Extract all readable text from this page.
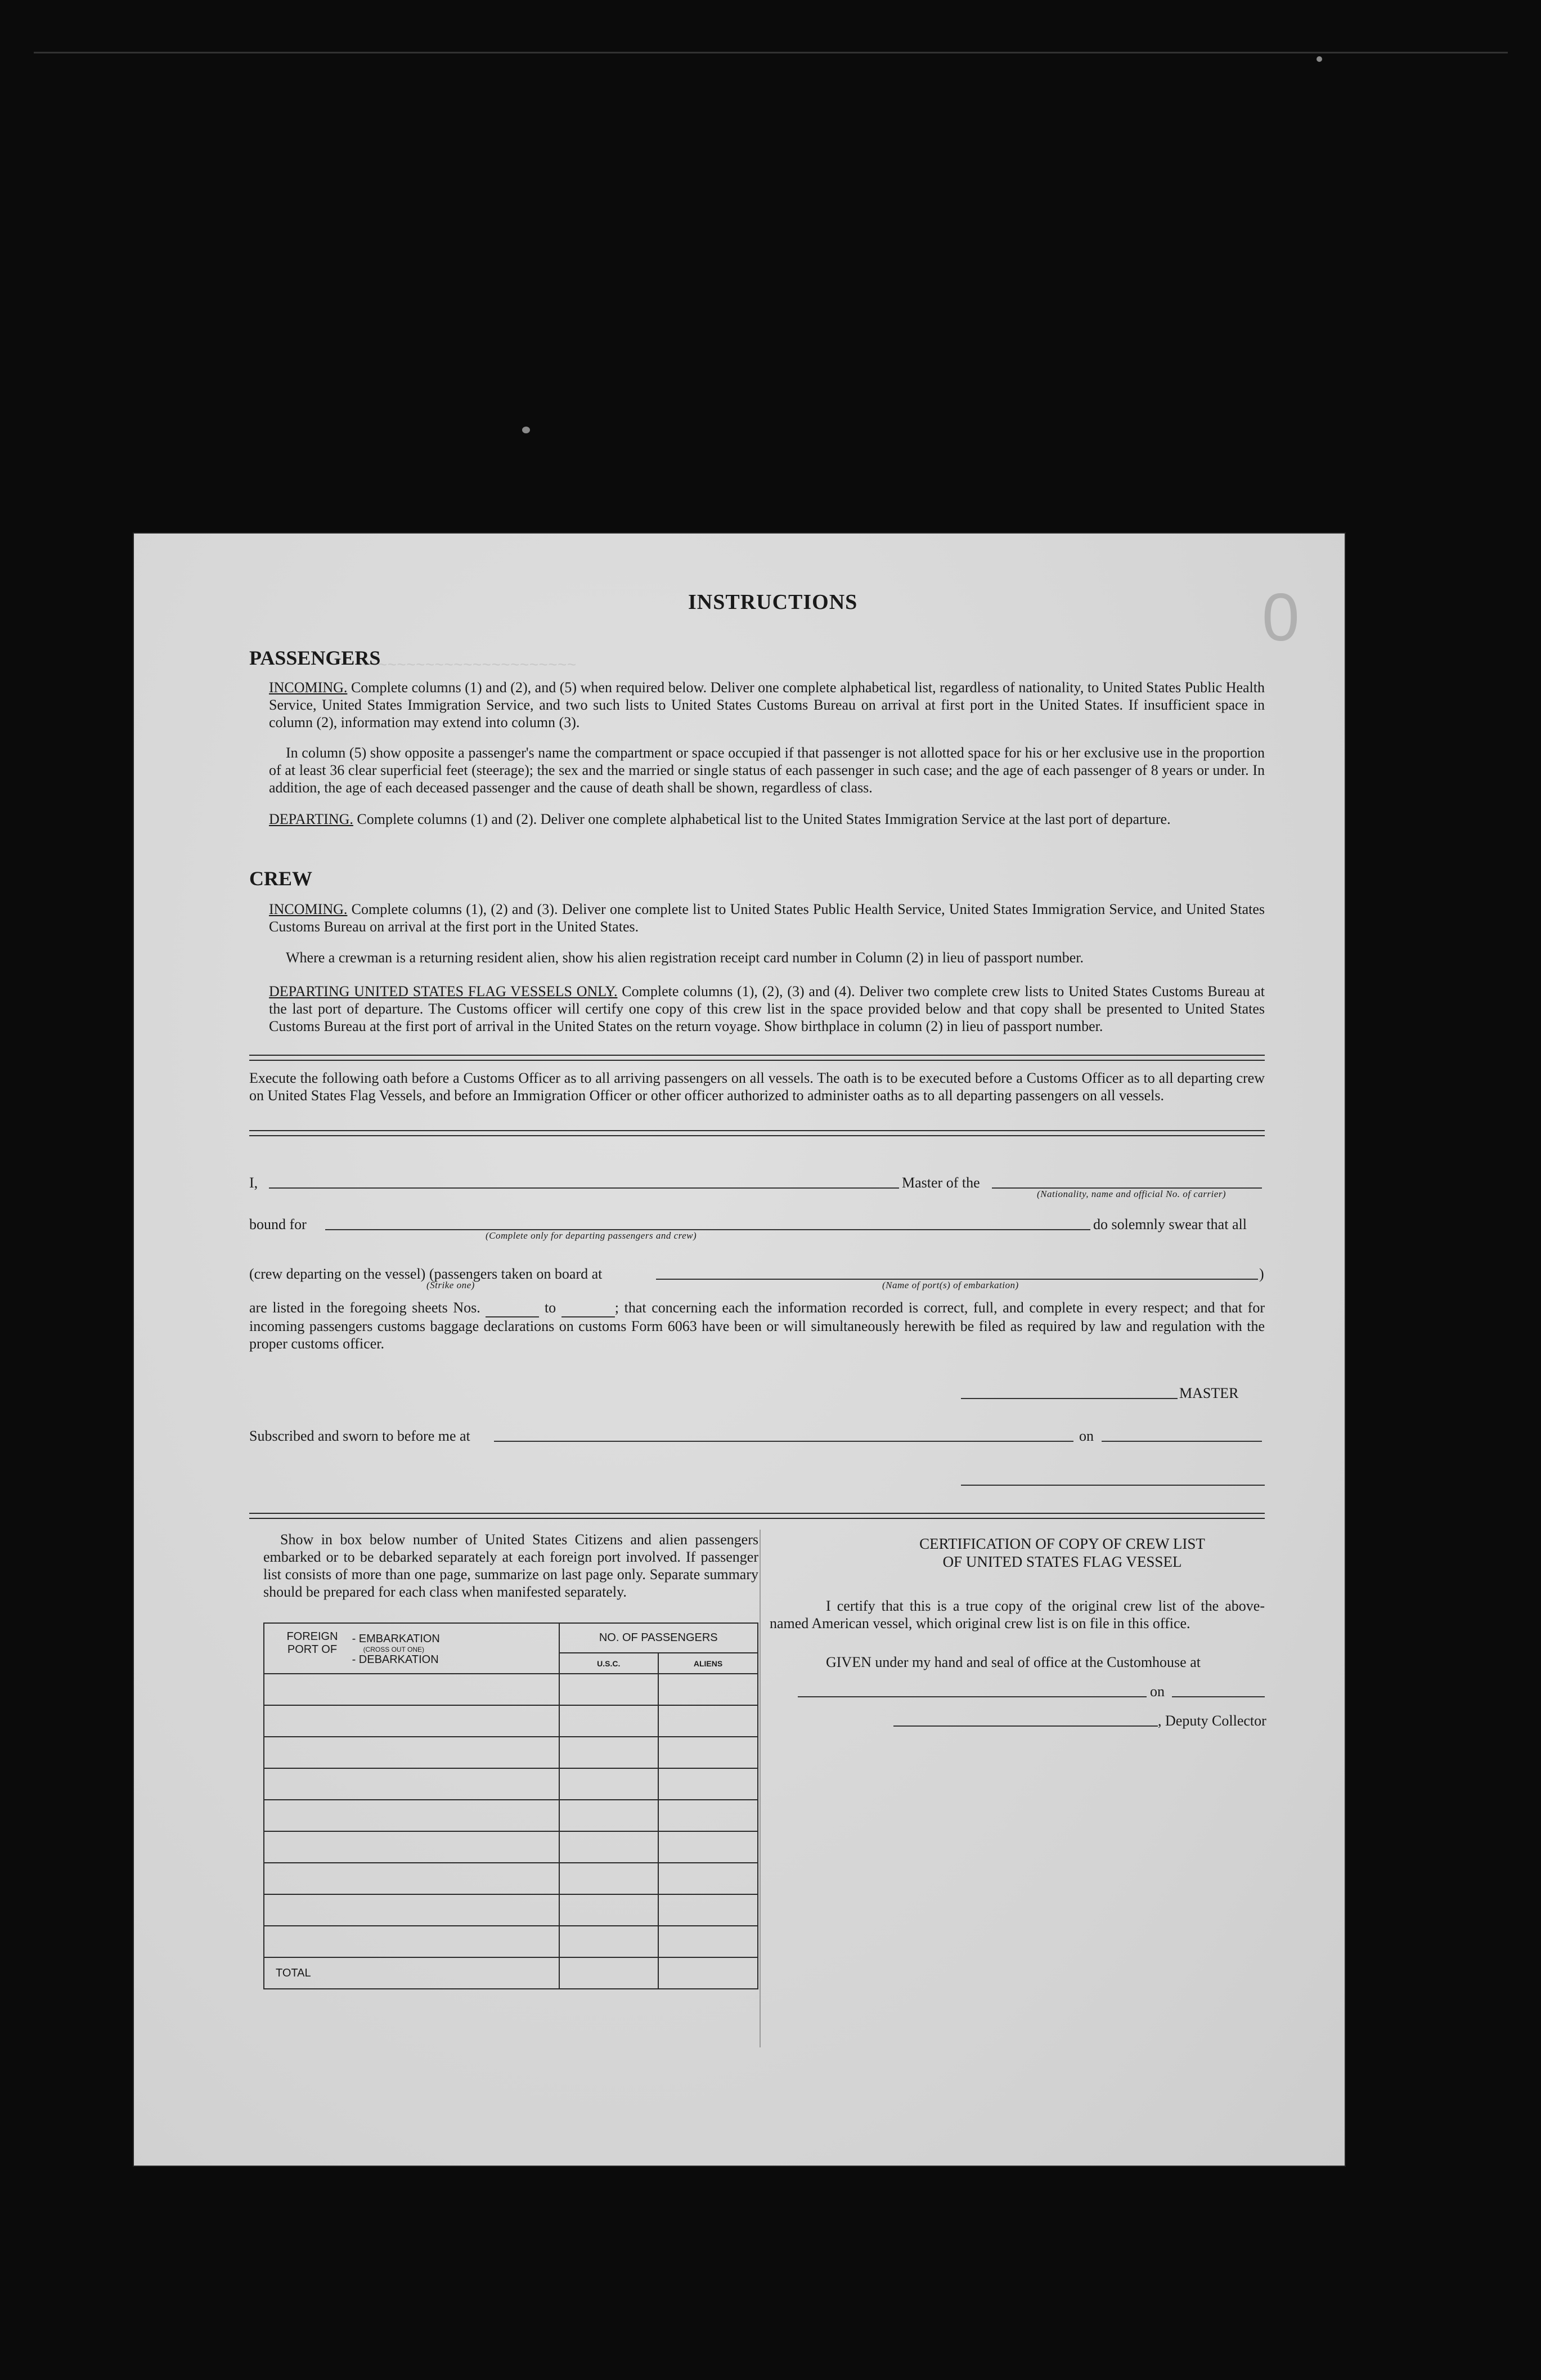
~~~~~~~~~~~~~~~~~~~~~~~
INSTRUCTIONS	0
PASSENGERS
INCOMING. Complete columns (1) and (2), and (5) when required below. Deliver one complete alphabetical list, regardless of nationality, to United States Public Health Service, United States Immigration Service, and two such lists to United States Customs Bureau on arrival at first port in the United States. If insufficient space in column (2), information may extend into column (3).
In column (5) show opposite a passenger's name the compartment or space occupied if that passenger is not allotted space for his or her exclusive use in the proportion of at least 36 clear superficial feet (steerage); the sex and the married or single status of each passenger in such case; and the age of each passenger of 8 years or under. In addition, the age of each deceased passenger and the cause of death shall be shown, regardless of class.
DEPARTING. Complete columns (1) and (2). Deliver one complete alphabetical list to the United States Immigration Service at the last port of departure.
CREW
INCOMING. Complete columns (1), (2) and (3). Deliver one complete list to United States Public Health Service, United States Immigration Service, and United States Customs Bureau on arrival at the first port in the United States.
Where a crewman is a returning resident alien, show his alien registration receipt card number in Column (2) in lieu of passport number.
DEPARTING UNITED STATES FLAG VESSELS ONLY. Complete columns (1), (2), (3) and (4). Deliver two complete crew lists to United States Customs Bureau at the last port of departure. The Customs officer will certify one copy of this crew list in the space provided below and that copy shall be presented to United States Customs Bureau at the first port of arrival in the United States on the return voyage. Show birthplace in column (2) in lieu of passport number.
Execute the following oath before a Customs Officer as to all arriving passengers on all vessels. The oath is to be executed before a Customs Officer as to all departing crew on United States Flag Vessels, and before an Immigration Officer or other officer authorized to administer oaths as to all departing passengers on all vessels.
I,	Master of the
(Nationality, name and official No. of carrier)
bound for
(Complete only for departing passengers and crew)
do solemnly swear that all
(crew departing on the vessel) (passengers taken on board at	)
(Strike one)	(Name of port(s) of embarkation)
are listed in the foregoing sheets Nos.	to	; that concerning each the information recorded is correct, full, and complete in every respect; and that for incoming passengers customs baggage declarations on customs Form 6063 have been or will simultaneously herewith be filed as required by law and regulation with the proper customs officer.
MASTER
Subscribed and sworn to before me at	on
Show in box below number of United States Citizens and alien passengers embarked or to be debarked separately at each foreign port involved. If passenger list consists of more than one page, summarize on last page only. Separate summary should be prepared for each class when manifested separately.
FOREIGN PORT OF
- EMBARKATION
(CROSS OUT ONE)
- DEBARKATION	NO. OF PASSENGERS	
	U.S.C.	ALIENS

TOTAL		
CERTIFICATION OF COPY OF CREW LIST
OF UNITED STATES FLAG VESSEL
I certify that this is a true copy of the original crew list of the above-named American vessel, which original crew list is on file in this office.
GIVEN under my hand and seal of office at the Customhouse at
on
, Deputy Collector
